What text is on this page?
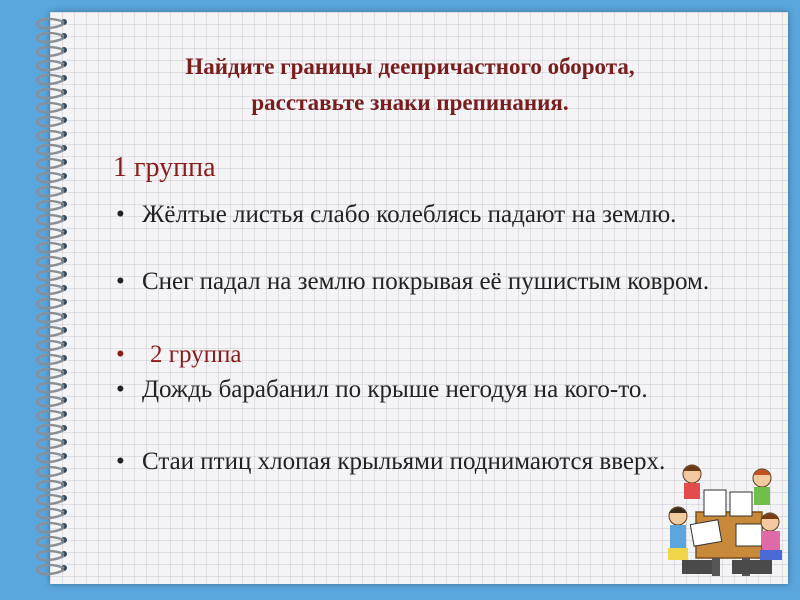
Найдите границы деепричастного оборота,
расставьте знаки препинания.
1 группа
• Жёлтые листья слабо колеблясь падают на землю.
• Снег падал на землю покрывая её пушистым ковром.
• 2 группа
• Дождь барабанил по крыше негодуя на кого-то.
• Стаи птиц хлопая крыльями поднимаются вверх.
